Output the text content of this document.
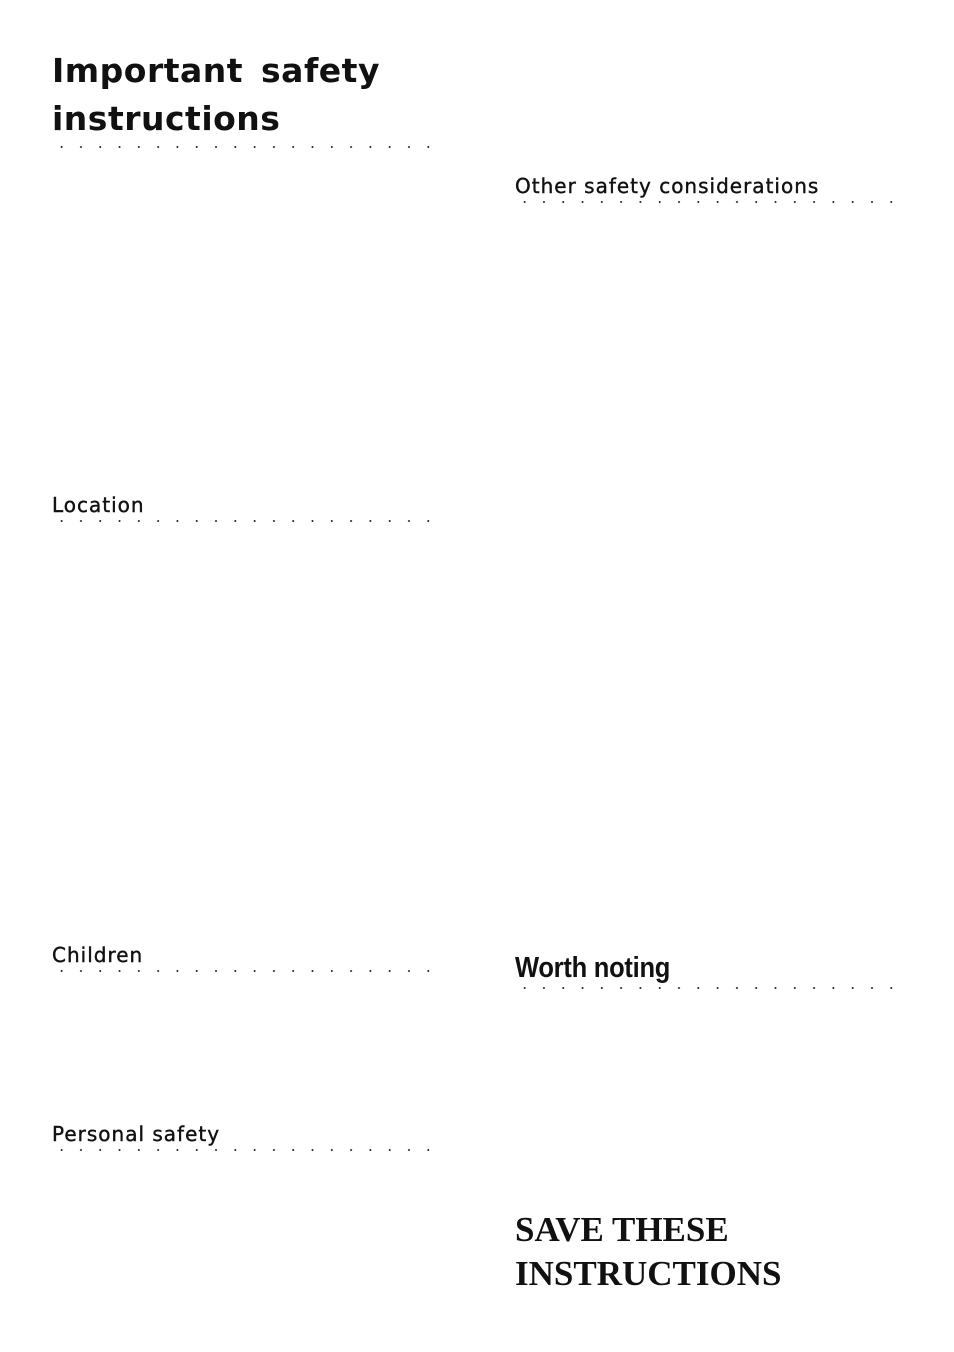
Important safety
instructions
Other safety considerations
Location
Children	Worth noting
Personal safety
SAVE THESE
INSTRUCTIONS
